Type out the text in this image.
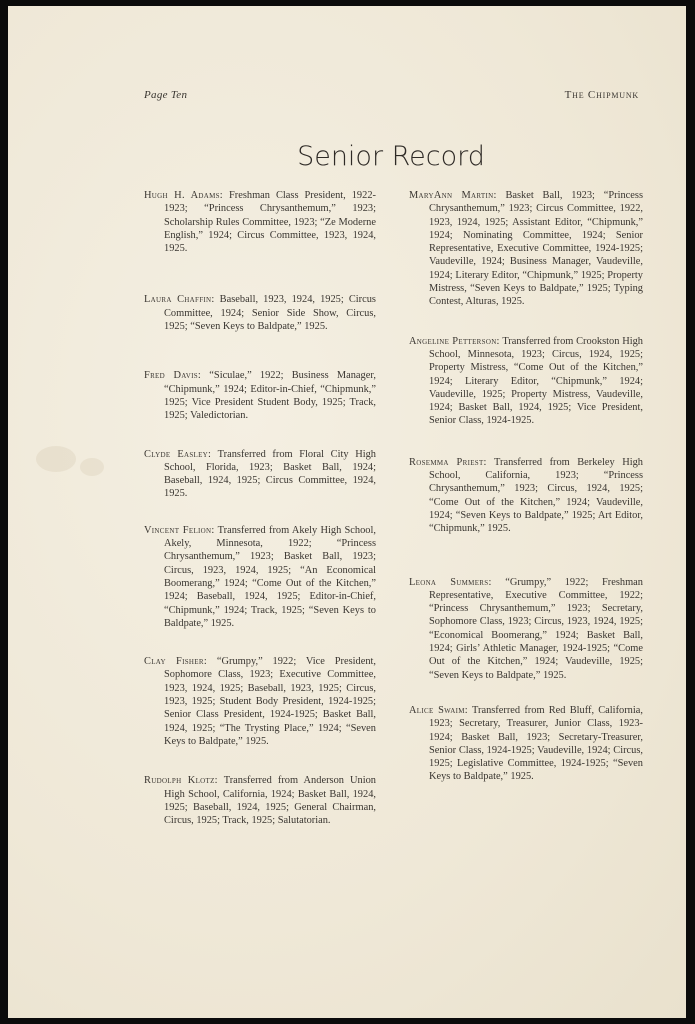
Page Ten	The Chipmunk
Senior Record
Hugh H. Adams: Freshman Class President, 1922-1923; “Princess Chrysanthemum,” 1923; Scholarship Rules Committee, 1923; “Ze Moderne English,” 1924; Circus Committee, 1923, 1924, 1925.
Laura Chaffin: Baseball, 1923, 1924, 1925; Circus Committee, 1924; Senior Side Show, Circus, 1925; “Seven Keys to Baldpate,” 1925.
Fred Davis: “Siculae,” 1922; Business Manager, “Chipmunk,” 1924; Editor-in-Chief, “Chipmunk,” 1925; Vice President Student Body, 1925; Track, 1925; Valedictorian.
Clyde Easley: Transferred from Floral City High School, Florida, 1923; Basket Ball, 1924; Baseball, 1924, 1925; Circus Committee, 1924, 1925.
Vincent Felion: Transferred from Akely High School, Akely, Minnesota, 1922; “Princess Chrysanthemum,” 1923; Basket Ball, 1923; Circus, 1923, 1924, 1925; “An Economical Boomerang,” 1924; “Come Out of the Kitchen,” 1924; Baseball, 1924, 1925; Editor-in-Chief, “Chipmunk,” 1924; Track, 1925; “Seven Keys to Baldpate,” 1925.
Clay Fisher: “Grumpy,” 1922; Vice President, Sophomore Class, 1923; Executive Committee, 1923, 1924, 1925; Baseball, 1923, 1925; Circus, 1923, 1925; Student Body President, 1924-1925; Senior Class President, 1924-1925; Basket Ball, 1924, 1925; “The Trysting Place,” 1924; “Seven Keys to Baldpate,” 1925.
Rudolph Klotz: Transferred from Anderson Union High School, California, 1924; Basket Ball, 1924, 1925; Baseball, 1924, 1925; General Chairman, Circus, 1925; Track, 1925; Salutatorian.
MaryAnn Martin: Basket Ball, 1923; “Princess Chrysanthemum,” 1923; Circus Committee, 1922, 1923, 1924, 1925; Assistant Editor, “Chipmunk,” 1924; Nominating Committee, 1924; Senior Representative, Executive Committee, 1924-1925; Vaudeville, 1924; Business Manager, Vaudeville, 1924; Literary Editor, “Chipmunk,” 1925; Property Mistress, “Seven Keys to Baldpate,” 1925; Typing Contest, Alturas, 1925.
Angeline Petterson: Transferred from Crookston High School, Minnesota, 1923; Circus, 1924, 1925; Property Mistress, “Come Out of the Kitchen,” 1924; Literary Editor, “Chipmunk,” 1924; Vaudeville, 1925; Property Mistress, Vaudeville, 1924; Basket Ball, 1924, 1925; Vice President, Senior Class, 1924-1925.
Rosemma Priest: Transferred from Berkeley High School, California, 1923; “Princess Chrysanthemum,” 1923; Circus, 1924, 1925; “Come Out of the Kitchen,” 1924; Vaudeville, 1924; “Seven Keys to Baldpate,” 1925; Art Editor, “Chipmunk,” 1925.
Leona Summers: “Grumpy,” 1922; Freshman Representative, Executive Committee, 1922; “Princess Chrysanthemum,” 1923; Secretary, Sophomore Class, 1923; Circus, 1923, 1924, 1925; “Economical Boomerang,” 1924; Basket Ball, 1924; Girls’ Athletic Manager, 1924-1925; “Come Out of the Kitchen,” 1924; Vaudeville, 1925; “Seven Keys to Baldpate,” 1925.
Alice Swaim: Transferred from Red Bluff, California, 1923; Secretary, Treasurer, Junior Class, 1923-1924; Basket Ball, 1923; Secretary-Treasurer, Senior Class, 1924-1925; Vaudeville, 1924; Circus, 1925; Legislative Committee, 1924-1925; “Seven Keys to Baldpate,” 1925.
